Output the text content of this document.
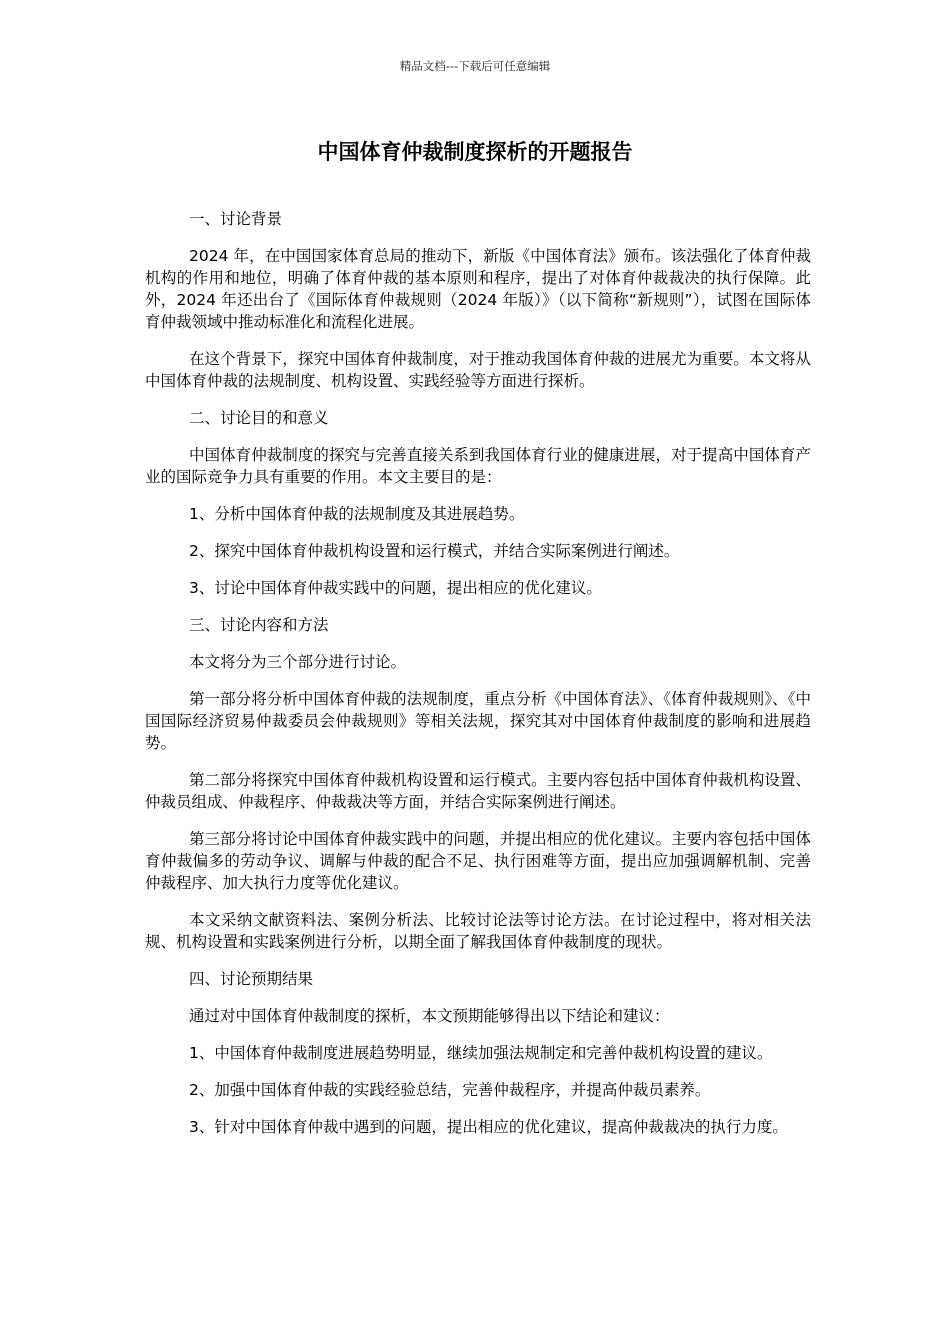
精品文档---下载后可任意编辑
中国体育仲裁制度探析的开题报告

一、讨论背景

2024 年，在中国国家体育总局的推动下，新版《中国体育法》颁布。该法强化了体育仲裁机构的作用和地位，明确了体育仲裁的基本原则和程序，提出了对体育仲裁裁决的执行保障。此外，2024 年还出台了《国际体育仲裁规则（2024 年版）》（以下简称“新规则”），试图在国际体育仲裁领域中推动标准化和流程化进展。

在这个背景下，探究中国体育仲裁制度，对于推动我国体育仲裁的进展尤为重要。本文将从中国体育仲裁的法规制度、机构设置、实践经验等方面进行探析。

二、讨论目的和意义

中国体育仲裁制度的探究与完善直接关系到我国体育行业的健康进展，对于提高中国体育产业的国际竞争力具有重要的作用。本文主要目的是：

1、分析中国体育仲裁的法规制度及其进展趋势。

2、探究中国体育仲裁机构设置和运行模式，并结合实际案例进行阐述。

3、讨论中国体育仲裁实践中的问题，提出相应的优化建议。

三、讨论内容和方法

本文将分为三个部分进行讨论。

第一部分将分析中国体育仲裁的法规制度，重点分析《中国体育法》、《体育仲裁规则》、《中国国际经济贸易仲裁委员会仲裁规则》等相关法规，探究其对中国体育仲裁制度的影响和进展趋势。

第二部分将探究中国体育仲裁机构设置和运行模式。主要内容包括中国体育仲裁机构设置、仲裁员组成、仲裁程序、仲裁裁决等方面，并结合实际案例进行阐述。

第三部分将讨论中国体育仲裁实践中的问题，并提出相应的优化建议。主要内容包括中国体育仲裁偏多的劳动争议、调解与仲裁的配合不足、执行困难等方面，提出应加强调解机制、完善仲裁程序、加大执行力度等优化建议。

本文采纳文献资料法、案例分析法、比较讨论法等讨论方法。在讨论过程中，将对相关法规、机构设置和实践案例进行分析，以期全面了解我国体育仲裁制度的现状。

四、讨论预期结果

通过对中国体育仲裁制度的探析，本文预期能够得出以下结论和建议：

1、中国体育仲裁制度进展趋势明显，继续加强法规制定和完善仲裁机构设置的建议。

2、加强中国体育仲裁的实践经验总结，完善仲裁程序，并提高仲裁员素养。

3、针对中国体育仲裁中遇到的问题，提出相应的优化建议，提高仲裁裁决的执行力度。
